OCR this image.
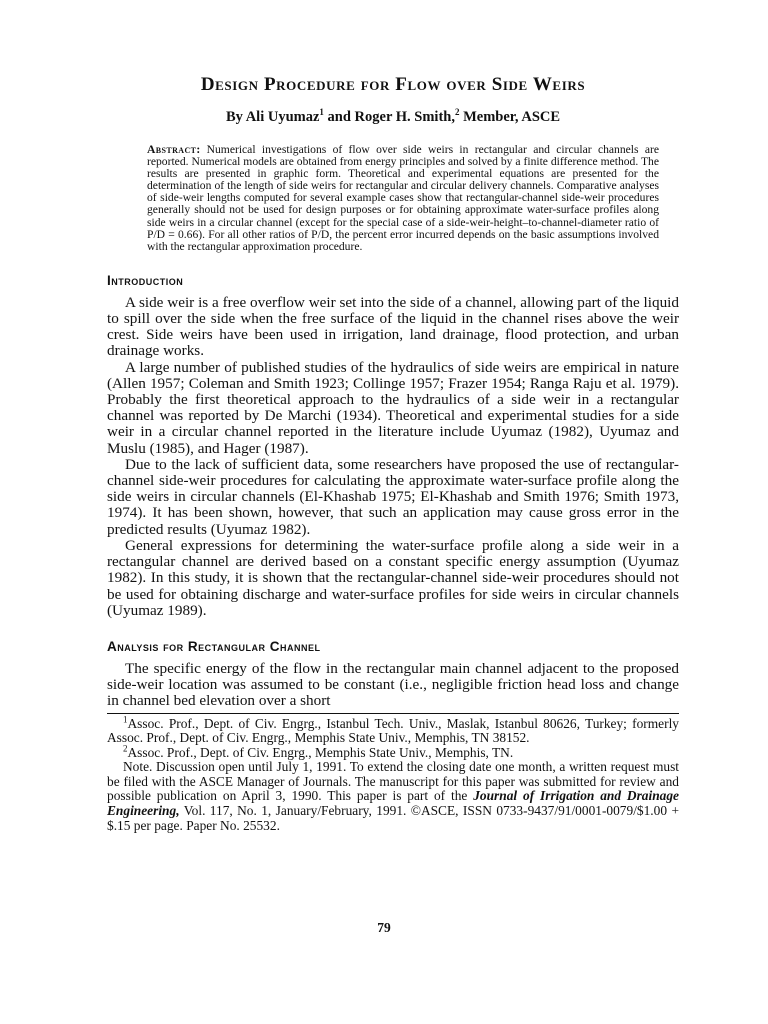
Design Procedure for Flow over Side Weirs
By Ali Uyumaz$^1$ and Roger H. Smith,$^2$ Member, ASCE
Abstract: Numerical investigations of flow over side weirs in rectangular and circular channels are reported. Numerical models are obtained from energy principles and solved by a finite difference method. The results are presented in graphic form. Theoretical and experimental equations are presented for the determination of the length of side weirs for rectangular and circular delivery channels. Comparative analyses of side-weir lengths computed for several example cases show that rectangular-channel side-weir procedures generally should not be used for design purposes or for obtaining approximate water-surface profiles along side weirs in a circular channel (except for the special case of a side-weir-height–to-channel-diameter ratio of P/D = 0.66). For all other ratios of P/D, the percent error incurred depends on the basic assumptions involved with the rectangular approximation procedure.
Introduction

A side weir is a free overflow weir set into the side of a channel, allowing part of the liquid to spill over the side when the free surface of the liquid in the channel rises above the weir crest. Side weirs have been used in irrigation, land drainage, flood protection, and urban drainage works.

A large number of published studies of the hydraulics of side weirs are empirical in nature (Allen 1957; Coleman and Smith 1923; Collinge 1957; Frazer 1954; Ranga Raju et al. 1979). Probably the first theoretical approach to the hydraulics of a side weir in a rectangular channel was reported by De Marchi (1934). Theoretical and experimental studies for a side weir in a circular channel reported in the literature include Uyumaz (1982), Uyumaz and Muslu (1985), and Hager (1987).

Due to the lack of sufficient data, some researchers have proposed the use of rectangular-channel side-weir procedures for calculating the approximate water-surface profile along the side weirs in circular channels (El-Khashab 1975; El-Khashab and Smith 1976; Smith 1973, 1974). It has been shown, however, that such an application may cause gross error in the predicted results (Uyumaz 1982).

General expressions for determining the water-surface profile along a side weir in a rectangular channel are derived based on a constant specific energy assumption (Uyumaz 1982). In this study, it is shown that the rectangular-channel side-weir procedures should not be used for obtaining discharge and water-surface profiles for side weirs in circular channels (Uyumaz 1989).

Analysis for Rectangular Channel

The specific energy of the flow in the rectangular main channel adjacent to the proposed side-weir location was assumed to be constant (i.e., negligible friction head loss and change in channel bed elevation over a short

$^1$Assoc. Prof., Dept. of Civ. Engrg., Istanbul Tech. Univ., Maslak, Istanbul 80626, Turkey; formerly Assoc. Prof., Dept. of Civ. Engrg., Memphis State Univ., Memphis, TN 38152.

$^2$Assoc. Prof., Dept. of Civ. Engrg., Memphis State Univ., Memphis, TN.

Note. Discussion open until July 1, 1991. To extend the closing date one month, a written request must be filed with the ASCE Manager of Journals. The manuscript for this paper was submitted for review and possible publication on April 3, 1990. This paper is part of the Journal of Irrigation and Drainage Engineering, Vol. 117, No. 1, January/February, 1991. ©ASCE, ISSN 0733-9437/91/0001-0079/$1.00 + $.15 per page. Paper No. 25532.

79
